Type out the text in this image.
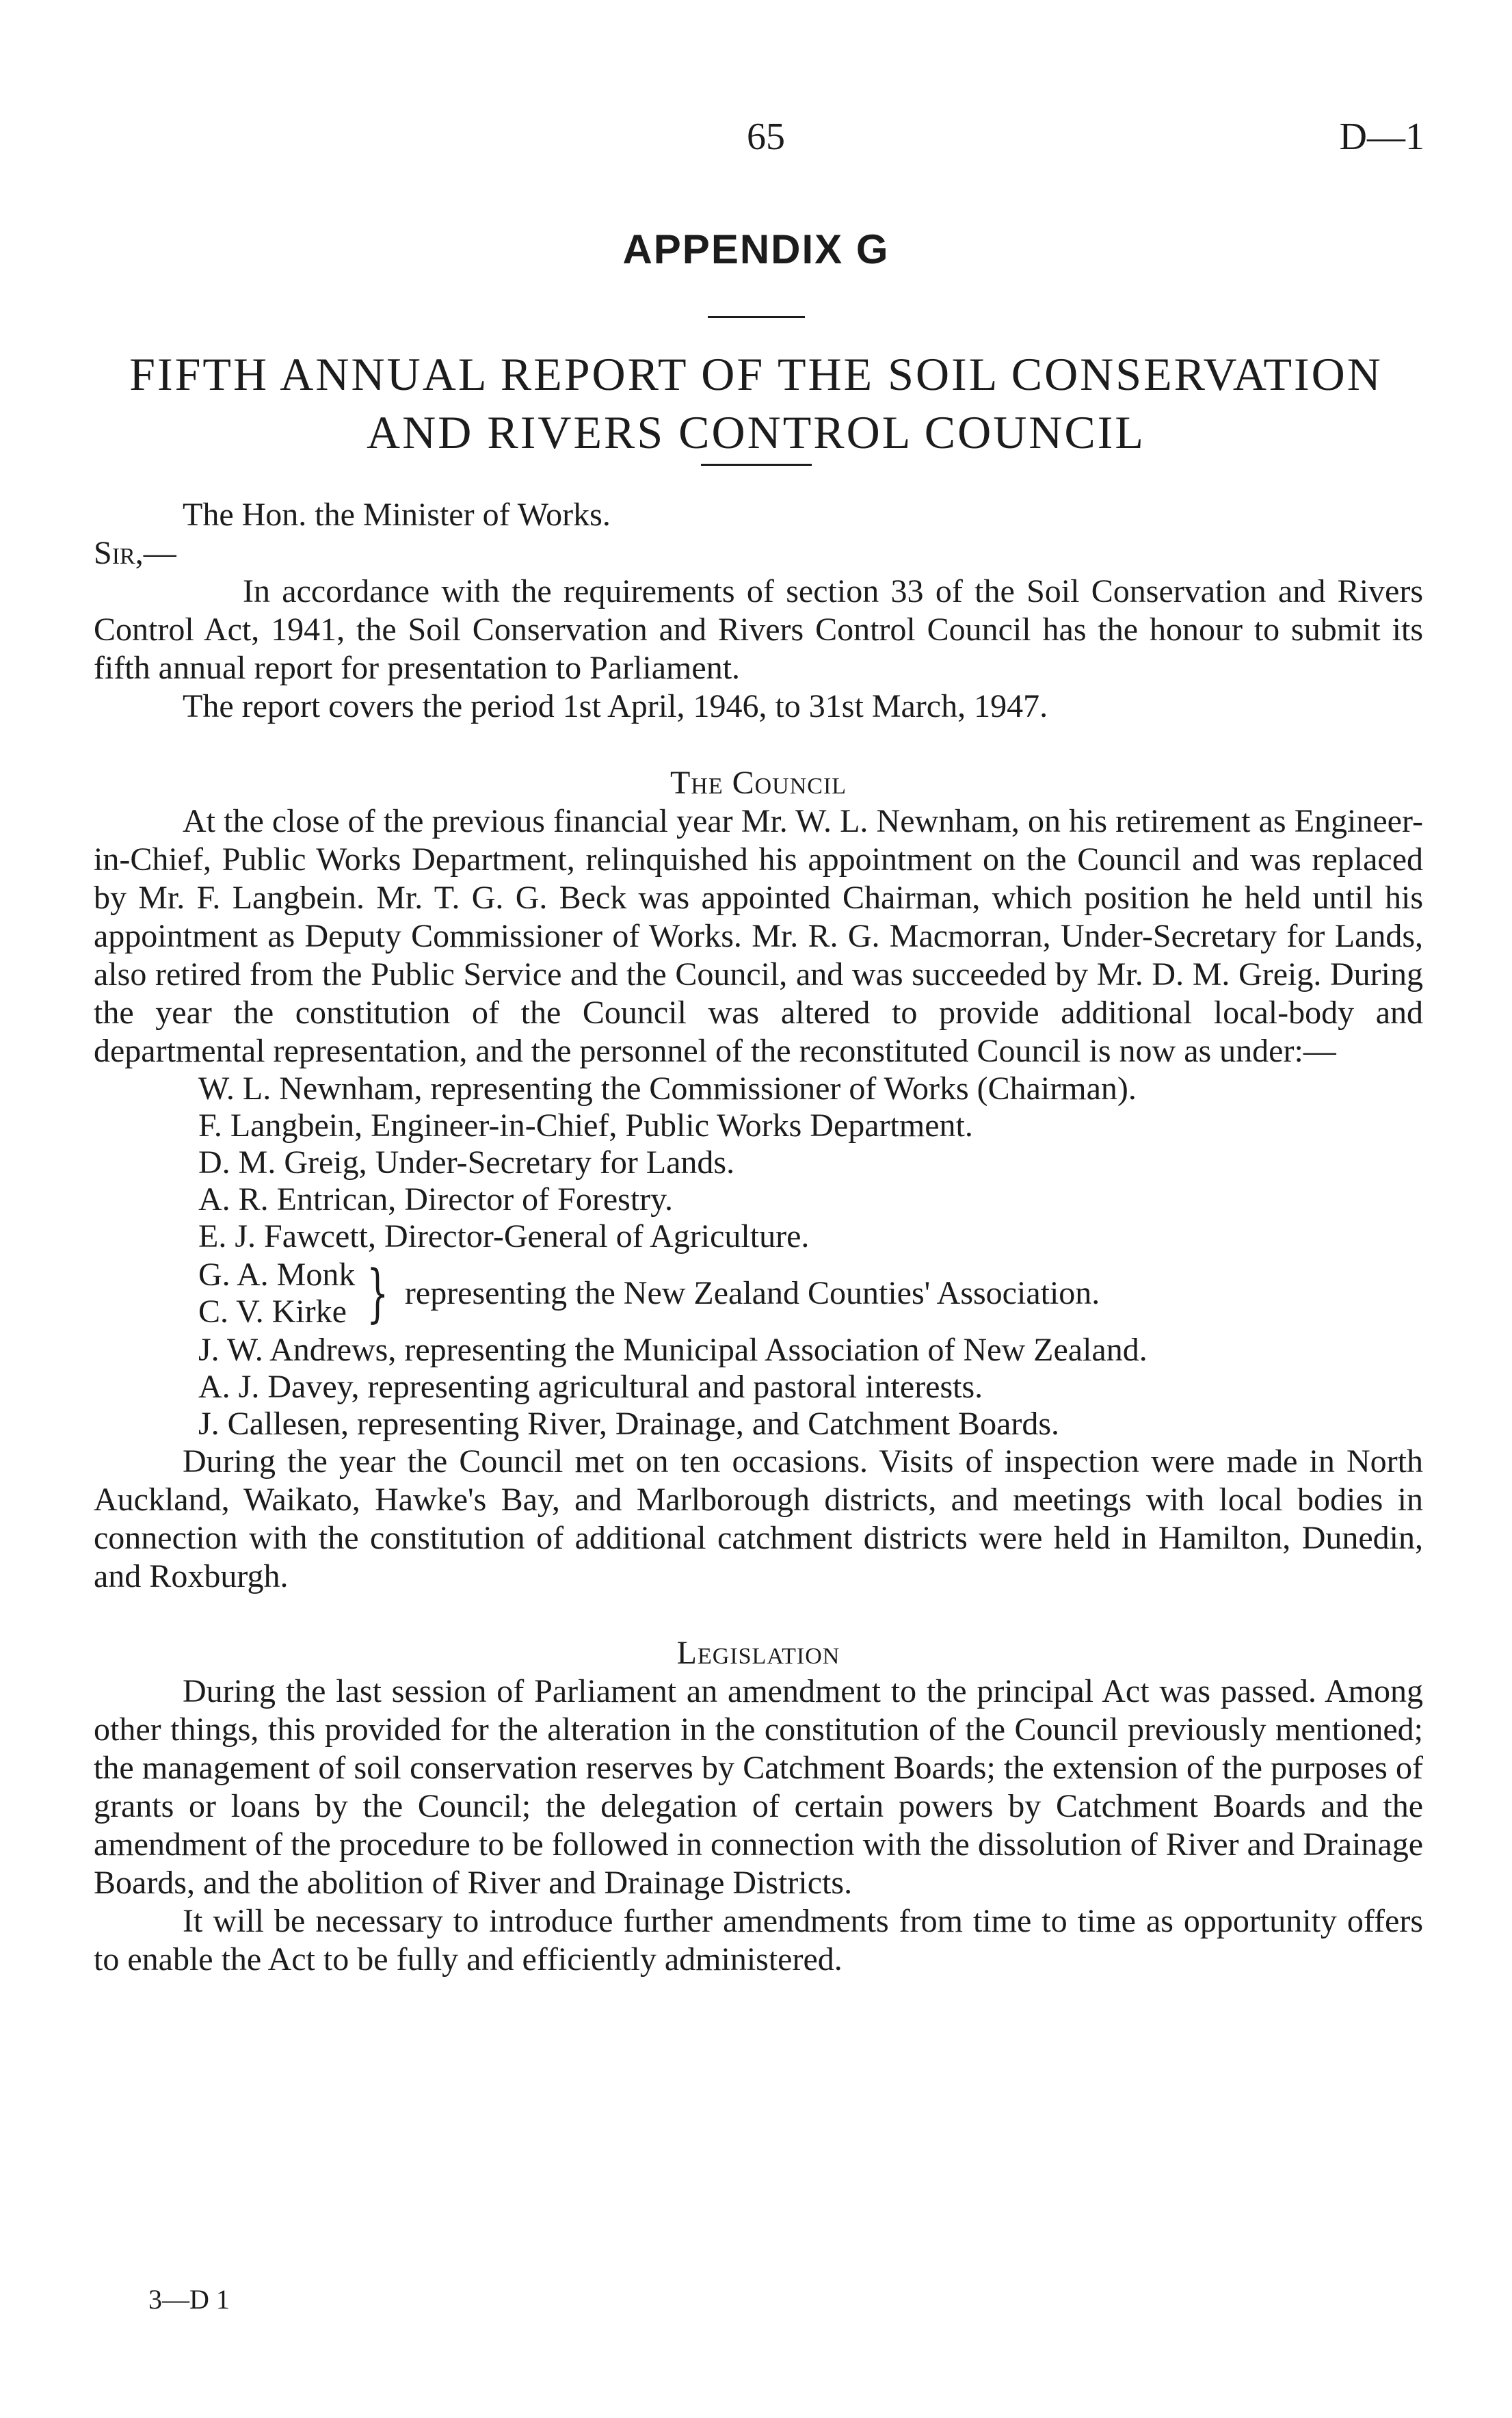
65	D—1
APPENDIX G
FIFTH ANNUAL REPORT OF THE SOIL CONSERVATION
AND RIVERS CONTROL COUNCIL

The Hon. the Minister of Works.

Sir,—

In accordance with the requirements of section 33 of the Soil Conservation and Rivers Control Act, 1941, the Soil Conservation and Rivers Control Council has the honour to submit its fifth annual report for presentation to Parliament.

The report covers the period 1st April, 1946, to 31st March, 1947.

The Council

At the close of the previous financial year Mr. W. L. Newnham, on his retirement as Engineer-in-Chief, Public Works Department, relinquished his appointment on the Council and was replaced by Mr. F. Langbein. Mr. T. G. G. Beck was appointed Chairman, which position he held until his appointment as Deputy Commissioner of Works. Mr. R. G. Macmorran, Under-Secretary for Lands, also retired from the Public Service and the Council, and was succeeded by Mr. D. M. Greig. During the year the constitution of the Council was altered to provide additional local-body and departmental representation, and the personnel of the reconstituted Council is now as under:—

W. L. Newnham, representing the Commissioner of Works (Chairman).
F. Langbein, Engineer-in-Chief, Public Works Department.
D. M. Greig, Under-Secretary for Lands.
A. R. Entrican, Director of Forestry.
E. J. Fawcett, Director-General of Agriculture.
G. A. Monk
C. V. Kirke } representing the New Zealand Counties' Association.
J. W. Andrews, representing the Municipal Association of New Zealand.
A. J. Davey, representing agricultural and pastoral interests.
J. Callesen, representing River, Drainage, and Catchment Boards.

During the year the Council met on ten occasions. Visits of inspection were made in North Auckland, Waikato, Hawke's Bay, and Marlborough districts, and meetings with local bodies in connection with the constitution of additional catchment districts were held in Hamilton, Dunedin, and Roxburgh.

Legislation

During the last session of Parliament an amendment to the principal Act was passed. Among other things, this provided for the alteration in the constitution of the Council previously mentioned; the management of soil conservation reserves by Catchment Boards; the extension of the purposes of grants or loans by the Council; the delegation of certain powers by Catchment Boards and the amendment of the procedure to be followed in connection with the dissolution of River and Drainage Boards, and the abolition of River and Drainage Districts.

It will be necessary to introduce further amendments from time to time as opportunity offers to enable the Act to be fully and efficiently administered.

3—D 1
